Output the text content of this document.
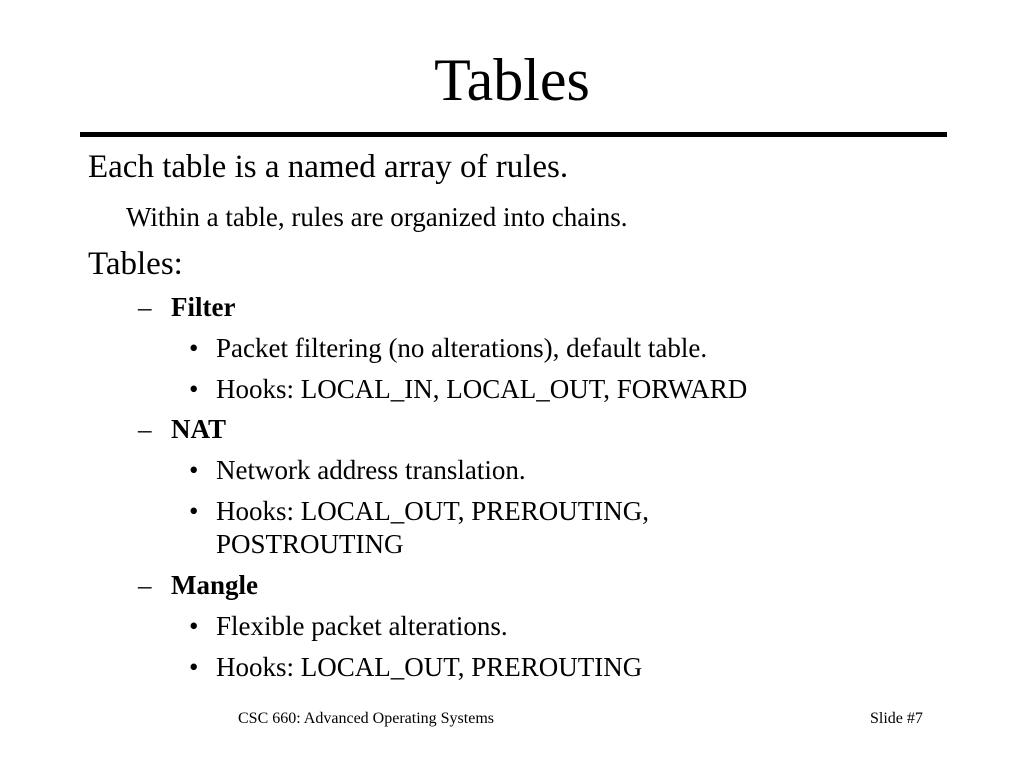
Tables
Each table is a named array of rules.
Within a table, rules are organized into chains.
Tables:
– Filter
• Packet filtering (no alterations), default table.
• Hooks: LOCAL_IN, LOCAL_OUT, FORWARD
– NAT
• Network address translation.
• Hooks: LOCAL_OUT, PREROUTING,
POSTROUTING
– Mangle
• Flexible packet alterations.
• Hooks: LOCAL_OUT, PREROUTING
CSC 660: Advanced Operating Systems	Slide #7
